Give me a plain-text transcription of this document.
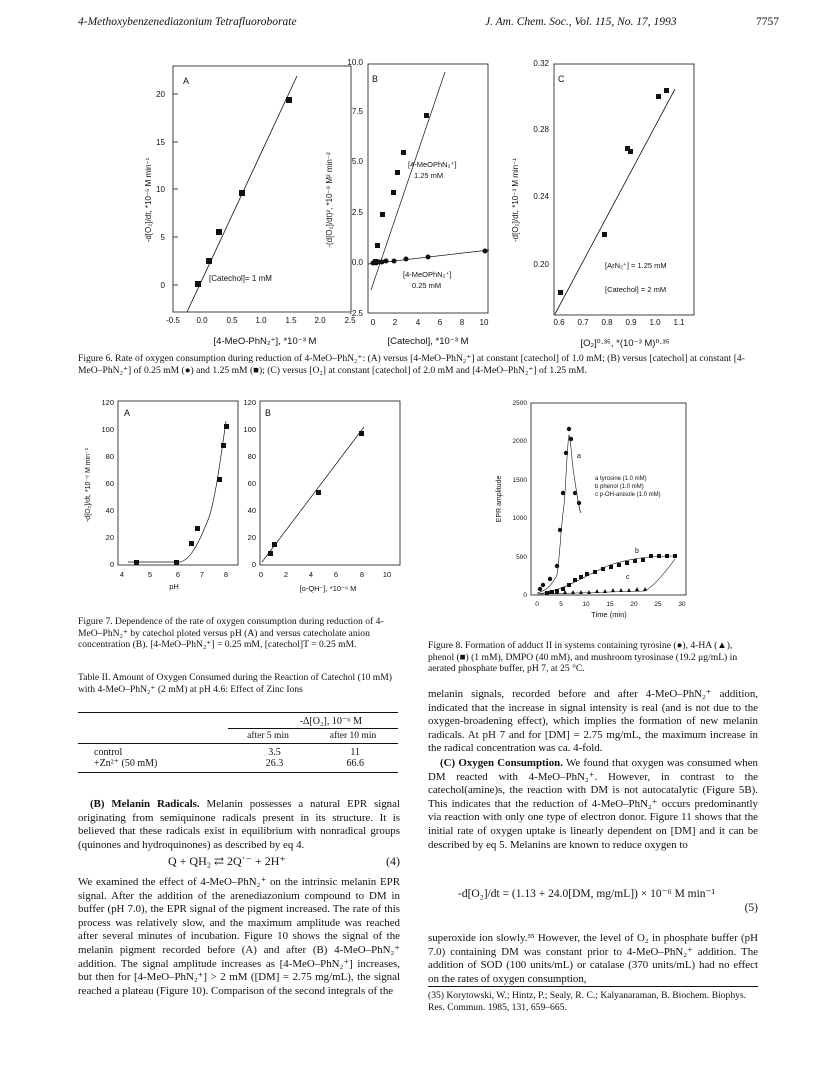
4-Methoxybenzenediazonium Tetrafluoroborate	J. Am. Chem. Soc., Vol. 115, No. 17, 1993	7757
A
0
5
10
15
20
-d[O₂]/dt, *10⁻⁵ M min⁻¹
-0.5 0.0 0.5 1.0 1.5 2.0 2.5
[4-MeO-PhN₂⁺], *10⁻³ M
[Catechol]= 1 mM
B
-2.5
0.0
2.5
5.0
7.5
10.0
-(d[O₂]/dt)², *10⁻⁸ M² min⁻²
0 2 4 6 8 10
[Catechol], *10⁻³ M
[4-MeOPhN₂⁺]
1.25 mM
[4-MeOPhN₂⁺]
0.25 mM
C
0.20
0.24
0.28
0.32
-d[O₂]/dt, *10⁻³ M min⁻¹
0.6 0.7 0.8 0.9 1.0 1.1
[O₂]⁰·³⁵, *(10⁻³ M)⁰·³⁵
[ArN₂⁺] = 1.25 mM
[Catechol] = 2 mM
Figure 6. Rate of oxygen consumption during reduction of 4-MeO–PhN₂⁺: (A) versus [4-MeO–PhN₂⁺] at constant [catechol] of 1.0 mM; (B) versus [catechol] at constant [4-MeO–PhN₂⁺] of 0.25 mM (●) and 1.25 mM (■); (C) versus [O₂] at constant [catechol] of 2.0 mM and [4-MeO–PhN₂⁺] of 1.25 mM.
A
0
20
40
60
80
100
120
-d[O₂]/dt, *10⁻⁶ M min⁻¹
4	5	6	7	8
pH
B
0
20
40
60
80
100
120
0	2	4	6	8 10
[o-QH⁻], *10⁻⁶ M
Figure 7. Dependence of the rate of oxygen consumption during reduction of 4-MeO–PhN₂⁺ by catechol ploted versus pH (A) and versus catecholate anion concentration (B). [4-MeO–PhN₂⁺] = 0.25 mM, [catechol]T = 0.25 mM.
Table II. Amount of Oxygen Consumed during the Reaction of Catechol (10 mM) with 4-MeO–PhN₂⁺ (2 mM) at pH 4.6: Effect of Zinc Ions
-Δ[O₂], 10⁻⁶ M
after 5 min	after 10 min
control	3.5	11
+Zn²⁺ (50 mM)	26.3	66.6
(B) Melanin Radicals. Melanin possesses a natural EPR signal originating from semiquinone radicals present in its structure. It is believed that these radicals exist in equilibrium with nonradical groups (quinones and hydroquinones) as described by eq 4.
Q + QH₂ ⇄ 2Q˙⁻ + 2H⁺	(4)
We examined the effect of 4-MeO–PhN₂⁺ on the intrinsic melanin EPR signal. After the addition of the arenediazonium compound to DM in buffer (pH 7.0), the EPR signal of the pigment increased. The rate of this process was relatively slow, and the maximum amplitude was reached after several minutes of incubation. Figure 10 shows the signal of the melanin pigment recorded before (A) and after (B) 4-MeO–PhN₂⁺ addition. The signal amplitude increases as [4-MeO–PhN₂⁺] increases, but then for [4-MeO–PhN₂⁺] > 2 mM ([DM] = 2.75 mg/mL), the signal reached a plateau (Figure 10). Comparison of the second integrals of the
0
500
1000
1500
2000
2500
EPR amplitude
0	5	10	15	20	25	30
Time (min)
a tyrosine (1.0 mM)
b phenol (1.0 mM)
c p-OH-anisole (1.0 mM)
a
b
c
Figure 8. Formation of adduct II in systems containing tyrosine (●), 4-HA (▲), phenol (■) (1 mM), DMPO (40 mM), and mushroom tyrosinase (19.2 μg/mL) in aerated phosphate buffer, pH 7, at 25 °C.
melanin signals, recorded before and after 4-MeO–PhN₂⁺ addition, indicated that the increase in signal intensity is real (and is not due to the oxygen-broadening effect), which implies the formation of new melanin radicals. At pH 7 and for [DM] = 2.75 mg/mL, the maximum increase in the radical concentration was ca. 4-fold.
(C) Oxygen Consumption. We found that oxygen was consumed when DM reacted with 4-MeO–PhN₂⁺. However, in contrast to the catechol(amine)s, the reaction with DM is not autocatalytic (Figure 5B). This indicates that the reduction of 4-MeO–PhN₂⁺ occurs predominantly via reaction with only one type of electron donor. Figure 11 shows that the initial rate of oxygen uptake is linearly dependent on [DM] and it can be described by eq 5. Melanins are known to reduce oxygen to
-d[O₂]/dt = (1.13 + 24.0[DM, mg/mL]) × 10⁻⁶ M min⁻¹
(5)
superoxide ion slowly.³⁵ However, the level of O₂ in phosphate buffer (pH 7.0) containing DM was constant prior to 4-MeO–PhN₂⁺ addition. The addition of SOD (100 units/mL) or catalase (370 units/mL) had no effect on the rates of oxygen consumption,
(35) Korytowski, W.; Hintz, P.; Sealy, R. C.; Kalyanaraman, B. Biochem. Biophys. Res. Commun. 1985, 131, 659–665.
